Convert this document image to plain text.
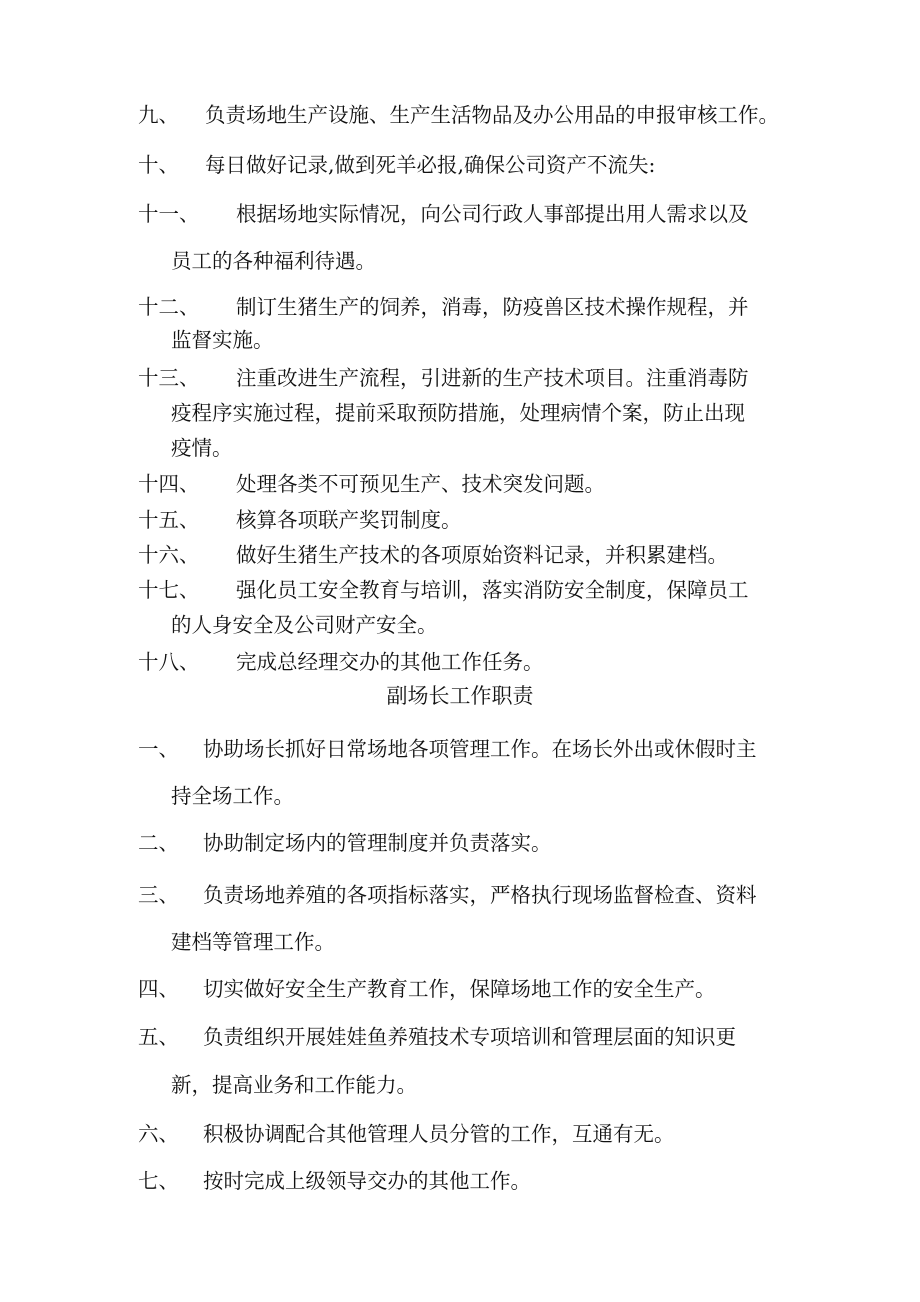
九、 负责场地生产设施、生产生活物品及办公用品的申报审核工作。
十、 每日做好记录,做到死羊必报,确保公司资产不流失:
十一、 根据场地实际情况，向公司行政人事部提出用人需求以及
员工的各种福利待遇。
十二、 制订生猪生产的饲养，消毒，防疫兽区技术操作规程，并
监督实施。
十三、 注重改进生产流程，引进新的生产技术项目。注重消毒防
疫程序实施过程，提前采取预防措施，处理病情个案，防止出现
疫情。
十四、 处理各类不可预见生产、技术突发问题。
十五、 核算各项联产奖罚制度。
十六、 做好生猪生产技术的各项原始资料记录，并积累建档。
十七、 强化员工安全教育与培训，落实消防安全制度，保障员工
的人身安全及公司财产安全。
十八、 完成总经理交办的其他工作任务。
副场长工作职责
一、 协助场长抓好日常场地各项管理工作。在场长外出或休假时主
持全场工作。
二、 协助制定场内的管理制度并负责落实。
三、 负责场地养殖的各项指标落实，严格执行现场监督检查、资料
建档等管理工作。
四、 切实做好安全生产教育工作，保障场地工作的安全生产。
五、 负责组织开展娃娃鱼养殖技术专项培训和管理层面的知识更
新，提高业务和工作能力。
六、 积极协调配合其他管理人员分管的工作，互通有无。
七、 按时完成上级领导交办的其他工作。
